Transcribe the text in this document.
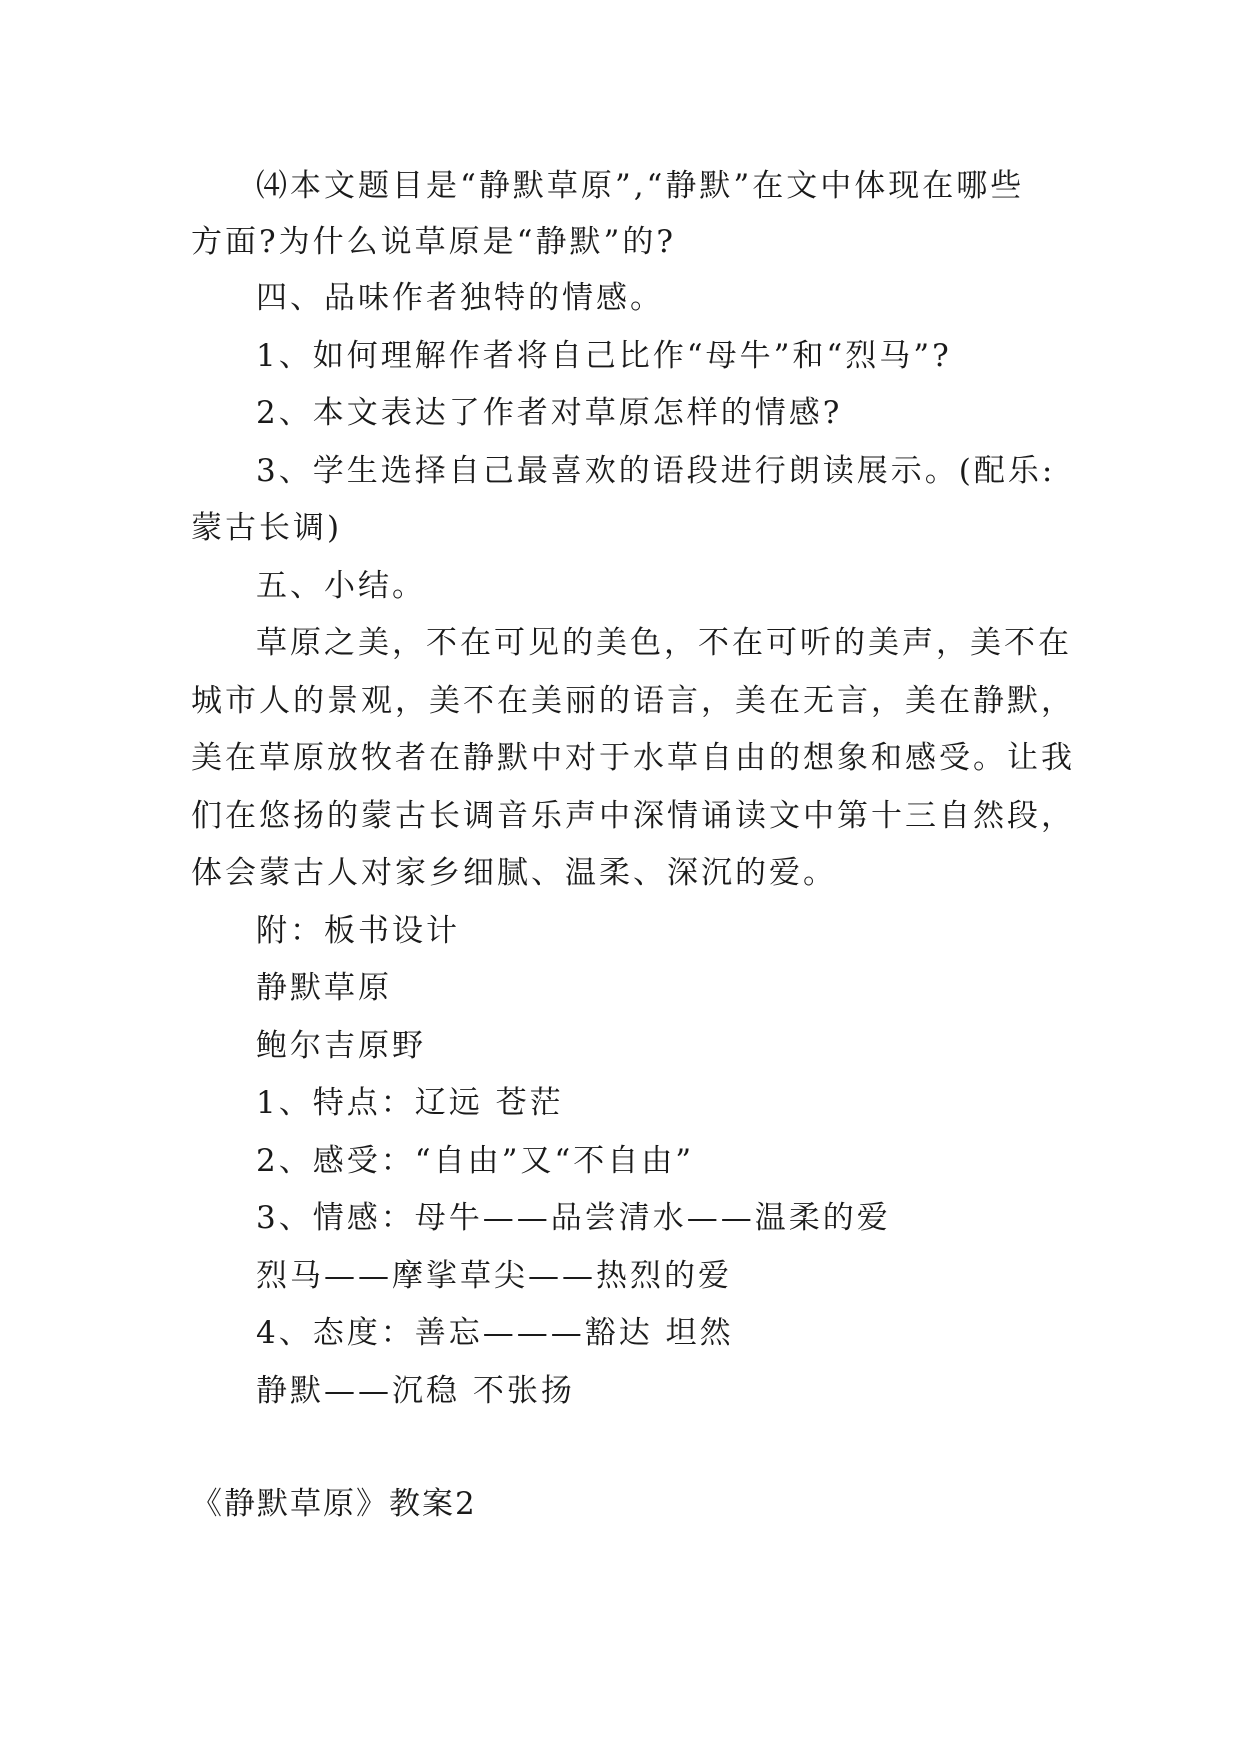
⑷本文题目是“静默草原”,“静默”在文中体现在哪些
方面?为什么说草原是“静默”的?
四、品味作者独特的情感。
1、如何理解作者将自己比作“母牛”和“烈马”?
2、本文表达了作者对草原怎样的情感?
3、学生选择自己最喜欢的语段进行朗读展示。(配乐:
蒙古长调)
五、小结。
草原之美，不在可见的美色，不在可听的美声，美不在
城市人的景观，美不在美丽的语言，美在无言，美在静默，
美在草原放牧者在静默中对于水草自由的想象和感受。让我
们在悠扬的蒙古长调音乐声中深情诵读文中第十三自然段，
体会蒙古人对家乡细腻、温柔、深沉的爱。
附：板书设计
静默草原
鲍尔吉原野
1、特点：辽远 苍茫
2、感受：“自由”又“不自由”
3、情感：母牛——品尝清水——温柔的爱
烈马——摩挲草尖——热烈的爱
4、态度：善忘———豁达 坦然
静默——沉稳 不张扬
《静默草原》教案2
